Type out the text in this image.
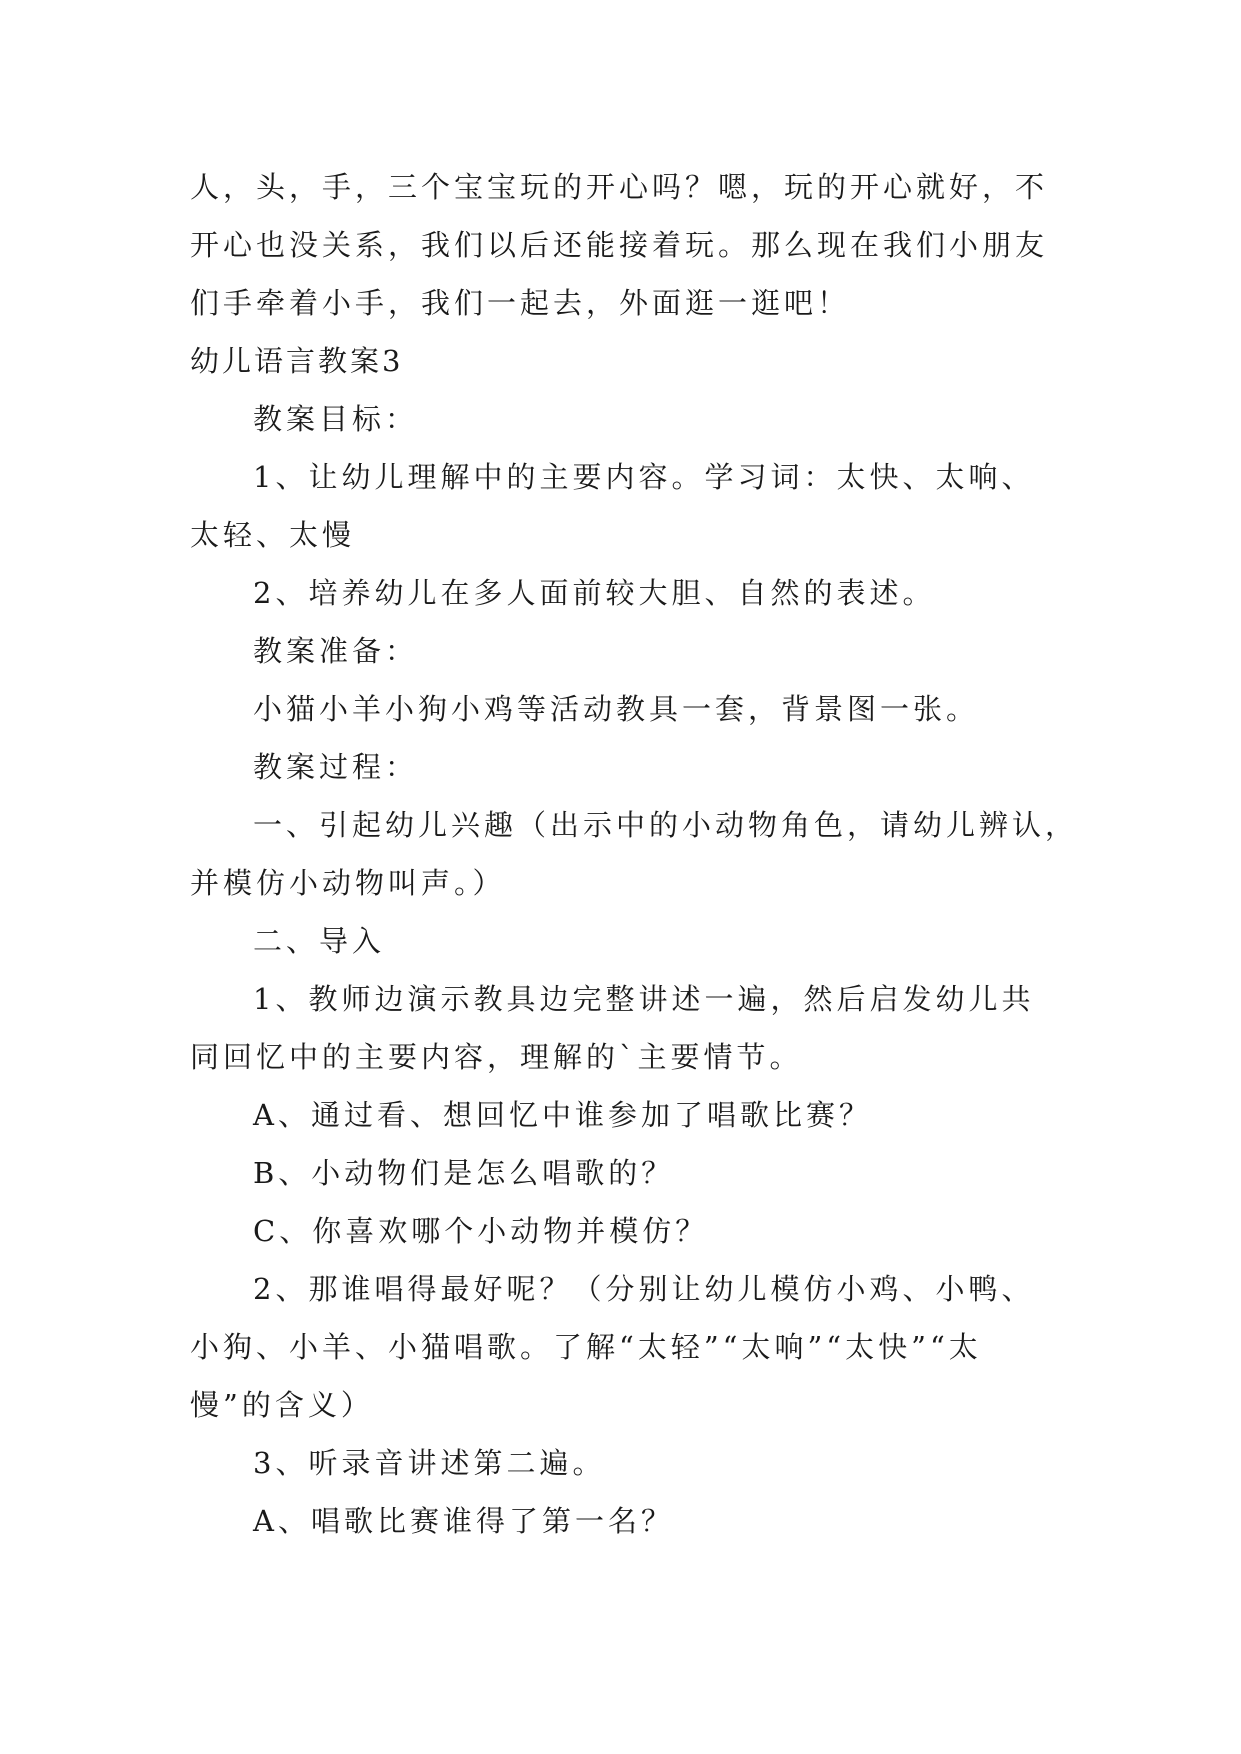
人，头，手，三个宝宝玩的开心吗？嗯，玩的开心就好，不
开心也没关系，我们以后还能接着玩。那么现在我们小朋友
们手牵着小手，我们一起去，外面逛一逛吧！
幼儿语言教案3
教案目标：
1、让幼儿理解中的主要内容。学习词：太快、太响、
太轻、太慢
2、培养幼儿在多人面前较大胆、自然的表述。
教案准备：
小猫小羊小狗小鸡等活动教具一套，背景图一张。
教案过程：
一、引起幼儿兴趣（出示中的小动物角色，请幼儿辨认，
并模仿小动物叫声。）
二、导入
1、教师边演示教具边完整讲述一遍，然后启发幼儿共
同回忆中的主要内容，理解的`主要情节。
A、通过看、想回忆中谁参加了唱歌比赛？
B、小动物们是怎么唱歌的？
C、你喜欢哪个小动物并模仿？
2、那谁唱得最好呢？（分别让幼儿模仿小鸡、小鸭、
小狗、小羊、小猫唱歌。了解“太轻”“太响”“太快”“太
慢”的含义）
3、听录音讲述第二遍。
A、唱歌比赛谁得了第一名？
